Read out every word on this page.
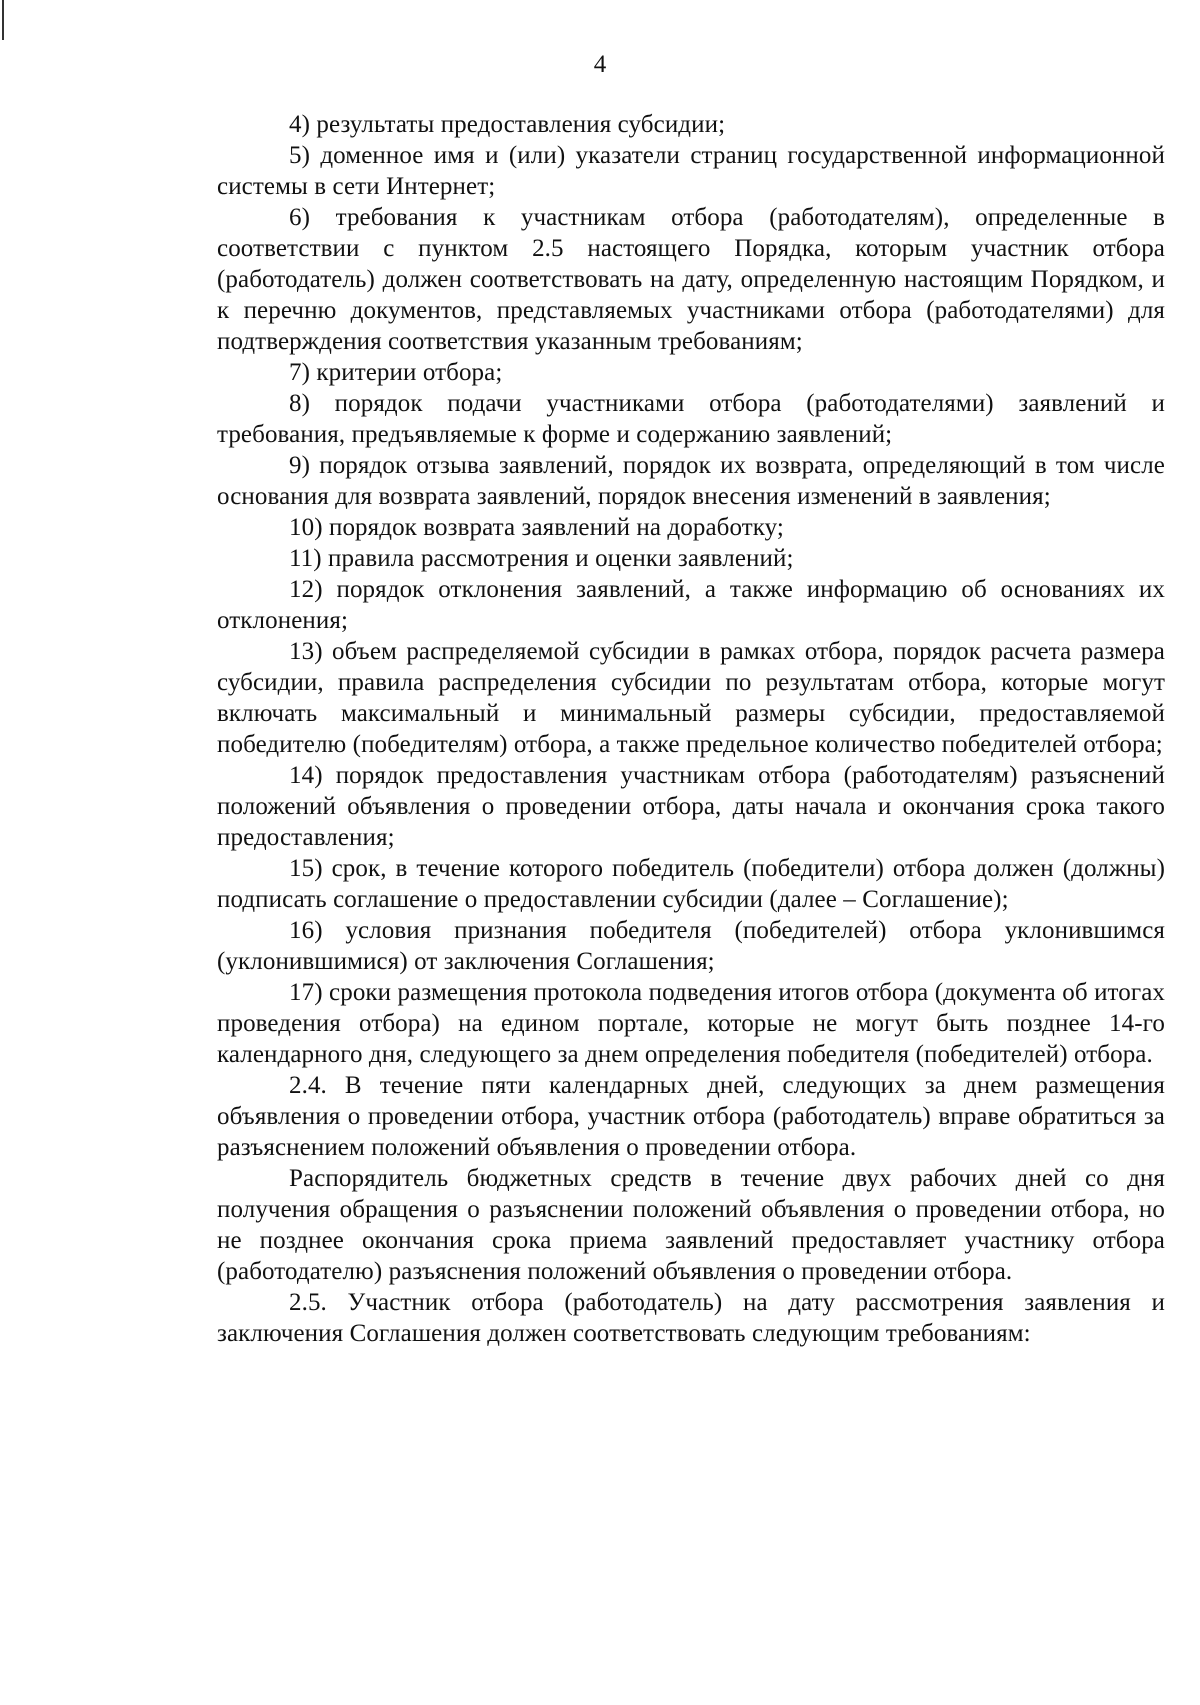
4

4) результаты предоставления субсидии;

5) доменное имя и (или) указатели страниц государственной информационной системы в сети Интернет;

6) требования к участникам отбора (работодателям), определенные в соответствии с пунктом 2.5 настоящего Порядка, которым участник отбора (работодатель) должен соответствовать на дату, определенную настоящим Порядком, и к перечню документов, представляемых участниками отбора (работодателями) для подтверждения соответствия указанным требованиям;

7) критерии отбора;

8) порядок подачи участниками отбора (работодателями) заявлений и требования, предъявляемые к форме и содержанию заявлений;

9) порядок отзыва заявлений, порядок их возврата, определяющий в том числе основания для возврата заявлений, порядок внесения изменений в заявления;

10) порядок возврата заявлений на доработку;

11) правила рассмотрения и оценки заявлений;

12) порядок отклонения заявлений, а также информацию об основаниях их отклонения;

13) объем распределяемой субсидии в рамках отбора, порядок расчета размера субсидии, правила распределения субсидии по результатам отбора, которые могут включать максимальный и минимальный размеры субсидии, предоставляемой победителю (победителям) отбора, а также предельное количество победителей отбора;

14) порядок предоставления участникам отбора (работодателям) разъяснений положений объявления о проведении отбора, даты начала и окончания срока такого предоставления;

15) срок, в течение которого победитель (победители) отбора должен (должны) подписать соглашение о предоставлении субсидии (далее – Соглашение);

16) условия признания победителя (победителей) отбора уклонившимся (уклонившимися) от заключения Соглашения;

17) сроки размещения протокола подведения итогов отбора (документа об итогах проведения отбора) на едином портале, которые не могут быть позднее 14-го календарного дня, следующего за днем определения победителя (победителей) отбора.

2.4. В течение пяти календарных дней, следующих за днем размещения объявления о проведении отбора, участник отбора (работодатель) вправе обратиться за разъяснением положений объявления о проведении отбора.

Распорядитель бюджетных средств в течение двух рабочих дней со дня получения обращения о разъяснении положений объявления о проведении отбора, но не позднее окончания срока приема заявлений предоставляет участнику отбора (работодателю) разъяснения положений объявления о проведении отбора.

2.5. Участник отбора (работодатель) на дату рассмотрения заявления и заключения Соглашения должен соответствовать следующим требованиям:
